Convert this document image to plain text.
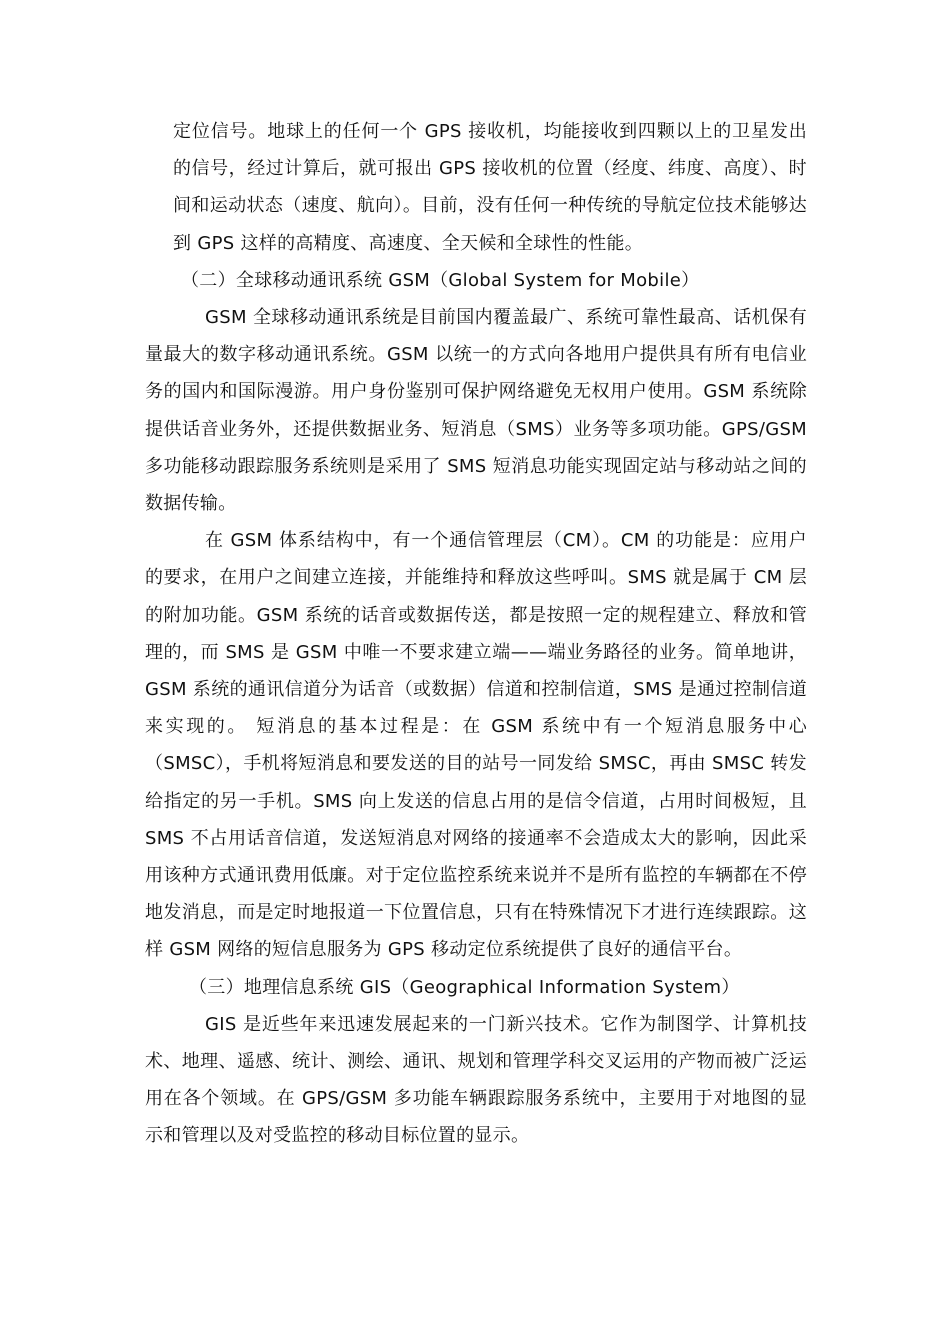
定位信号。地球上的任何一个 GPS 接收机，均能接收到四颗以上的卫星发出的信号，经过计算后，就可报出 GPS 接收机的位置（经度、纬度、高度）、时间和运动状态（速度、航向）。目前，没有任何一种传统的导航定位技术能够达到 GPS 这样的高精度、高速度、全天候和全球性的性能。

（二）全球移动通讯系统 GSM（Global System for Mobile）

GSM 全球移动通讯系统是目前国内覆盖最广、系统可靠性最高、话机保有量最大的数字移动通讯系统。GSM 以统一的方式向各地用户提供具有所有电信业务的国内和国际漫游。用户身份鉴别可保护网络避免无权用户使用。GSM 系统除提供话音业务外，还提供数据业务、短消息（SMS）业务等多项功能。GPS/GSM 多功能移动跟踪服务系统则是采用了 SMS 短消息功能实现固定站与移动站之间的数据传输。

在 GSM 体系结构中，有一个通信管理层（CM）。CM 的功能是：应用户的要求，在用户之间建立连接，并能维持和释放这些呼叫。SMS 就是属于 CM 层的附加功能。GSM 系统的话音或数据传送，都是按照一定的规程建立、释放和管理的，而 SMS 是 GSM 中唯一不要求建立端——端业务路径的业务。简单地讲，GSM 系统的通讯信道分为话音（或数据）信道和控制信道，SMS 是通过控制信道来实现的。 短消息的基本过程是：在 GSM 系统中有一个短消息服务中心（SMSC），手机将短消息和要发送的目的站号一同发给 SMSC，再由 SMSC 转发给指定的另一手机。SMS 向上发送的信息占用的是信令信道，占用时间极短，且 SMS 不占用话音信道，发送短消息对网络的接通率不会造成太大的影响，因此采用该种方式通讯费用低廉。对于定位监控系统来说并不是所有监控的车辆都在不停地发消息，而是定时地报道一下位置信息，只有在特殊情况下才进行连续跟踪。这样 GSM 网络的短信息服务为 GPS 移动定位系统提供了良好的通信平台。

（三）地理信息系统 GIS（Geographical Information System）

GIS 是近些年来迅速发展起来的一门新兴技术。它作为制图学、计算机技术、地理、遥感、统计、测绘、通讯、规划和管理学科交叉运用的产物而被广泛运用在各个领域。在 GPS/GSM 多功能车辆跟踪服务系统中，主要用于对地图的显示和管理以及对受监控的移动目标位置的显示。
